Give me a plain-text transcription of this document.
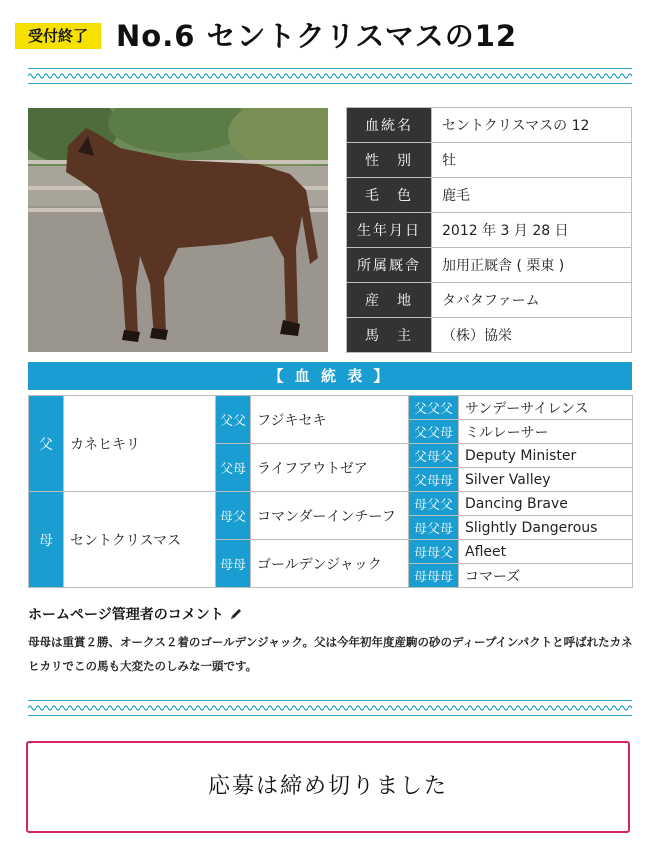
受付終了 No.6 セントクリスマスの12
血統名	セントクリスマスの 12
性　別	牡
毛　色	鹿毛
生年月日	2012 年 3 月 28 日
所属厩舎	加用正厩舎 ( 栗東 )
産　地	タバタファーム
馬　主	（株）協栄
【 血 統 表 】
父	カネヒキリ	父父	フジキセキ	父父父	サンデーサイレンス
				父父母	ミルレーサー
		父母	ライフアウトゼア	父母父	Deputy Minister
				父母母	Silver Valley
母	セントクリスマス	母父	コマンダーインチーフ	母父父	Dancing Brave
				母父母	Slightly Dangerous
		母母	ゴールデンジャック	母母父	Afleet
				母母母	コマーズ
ホームページ管理者のコメント
母母は重賞２勝、オークス２着のゴールデンジャック。父は今年初年度産駒の砂のディープインパクトと呼ばれたカネヒカリでこの馬も大変たのしみな一頭です。
応募は締め切りました
